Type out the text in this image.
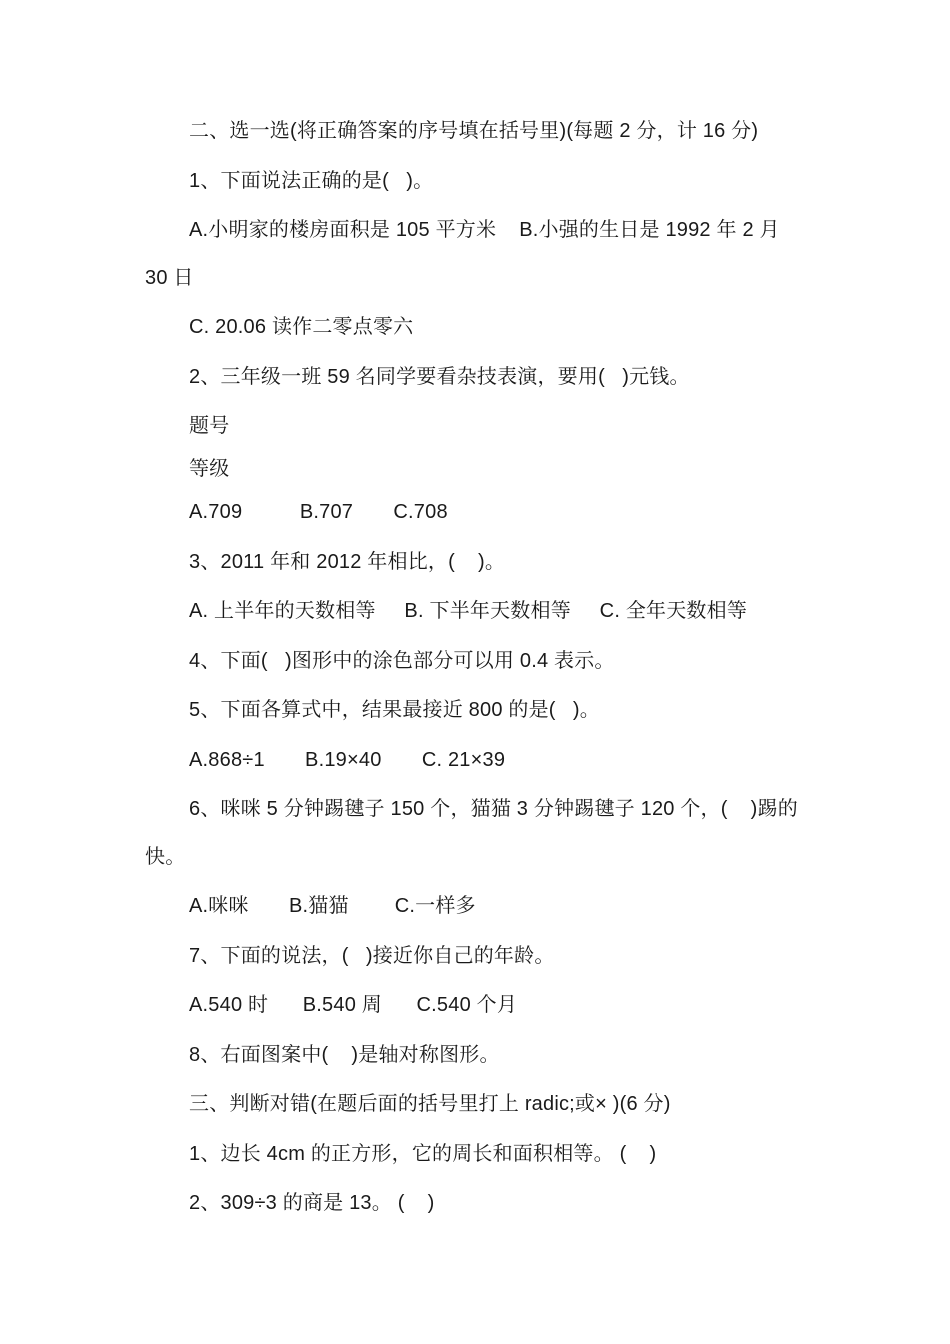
二、选一选(将正确答案的序号填在括号里)(每题 2 分，计 16 分)

1、下面说法正确的是(   )。

A.小明家的楼房面积是 105 平方米    B.小强的生日是 1992 年 2 月 30 日

C. 20.06 读作二零点零六

2、三年级一班 59 名同学要看杂技表演，要用(   )元钱。

题号

等级

A.709          B.707       C.708

3、2011 年和 2012 年相比，(    )。

A. 上半年的天数相等     B. 下半年天数相等     C. 全年天数相等

4、下面(   )图形中的涂色部分可以用 0.4 表示。

5、下面各算式中，结果最接近 800 的是(   )。

A.868÷1       B.19×40       C. 21×39

6、咪咪 5 分钟踢毽子 150 个，猫猫 3 分钟踢毽子 120 个，(    )踢的快。

A.咪咪       B.猫猫        C.一样多

7、下面的说法，(   )接近你自己的年龄。

A.540 时      B.540 周      C.540 个月

8、右面图案中(    )是轴对称图形。

三、判断对错(在题后面的括号里打上 radic;或× )(6 分)

1、边长 4cm 的正方形，它的周长和面积相等。 (    )

2、309÷3 的商是 13。 (    )
